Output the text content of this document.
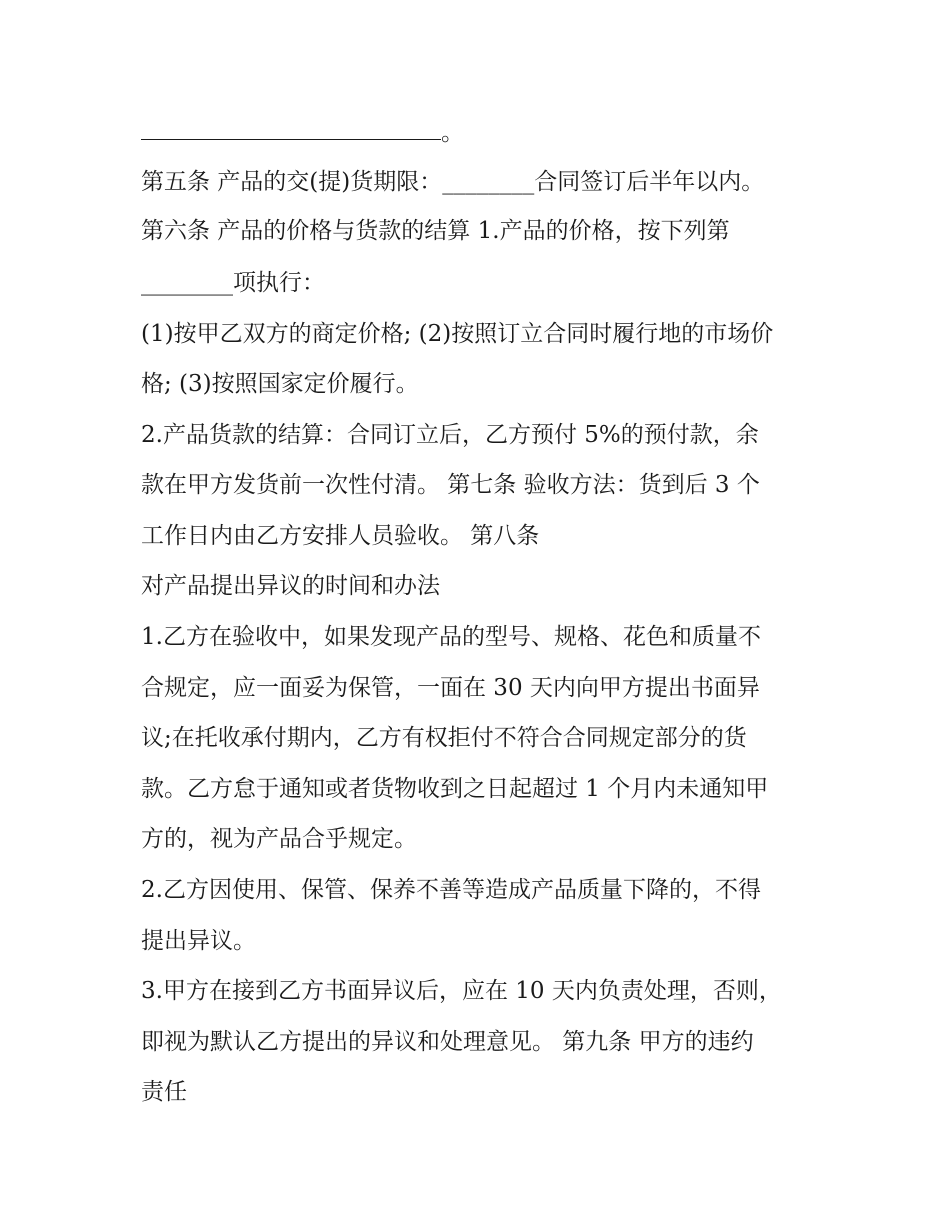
。
第五条 产品的交(提)货期限：________合同签订后半年以内。
第六条 产品的价格与货款的结算 1.产品的价格，按下列第
________项执行：
(1)按甲乙双方的商定价格; (2)按照订立合同时履行地的市场价
格; (3)按照国家定价履行。
2.产品货款的结算：合同订立后，乙方预付 5%的预付款，余
款在甲方发货前一次性付清。 第七条 验收方法：货到后 3 个
工作日内由乙方安排人员验收。 第八条
对产品提出异议的时间和办法
1.乙方在验收中，如果发现产品的型号、规格、花色和质量不
合规定，应一面妥为保管，一面在 30 天内向甲方提出书面异
议;在托收承付期内，乙方有权拒付不符合合同规定部分的货
款。乙方怠于通知或者货物收到之日起超过 1 个月内未通知甲
方的，视为产品合乎规定。
2.乙方因使用、保管、保养不善等造成产品质量下降的，不得
提出异议。
3.甲方在接到乙方书面异议后，应在 10 天内负责处理，否则，
即视为默认乙方提出的异议和处理意见。 第九条 甲方的违约
责任
